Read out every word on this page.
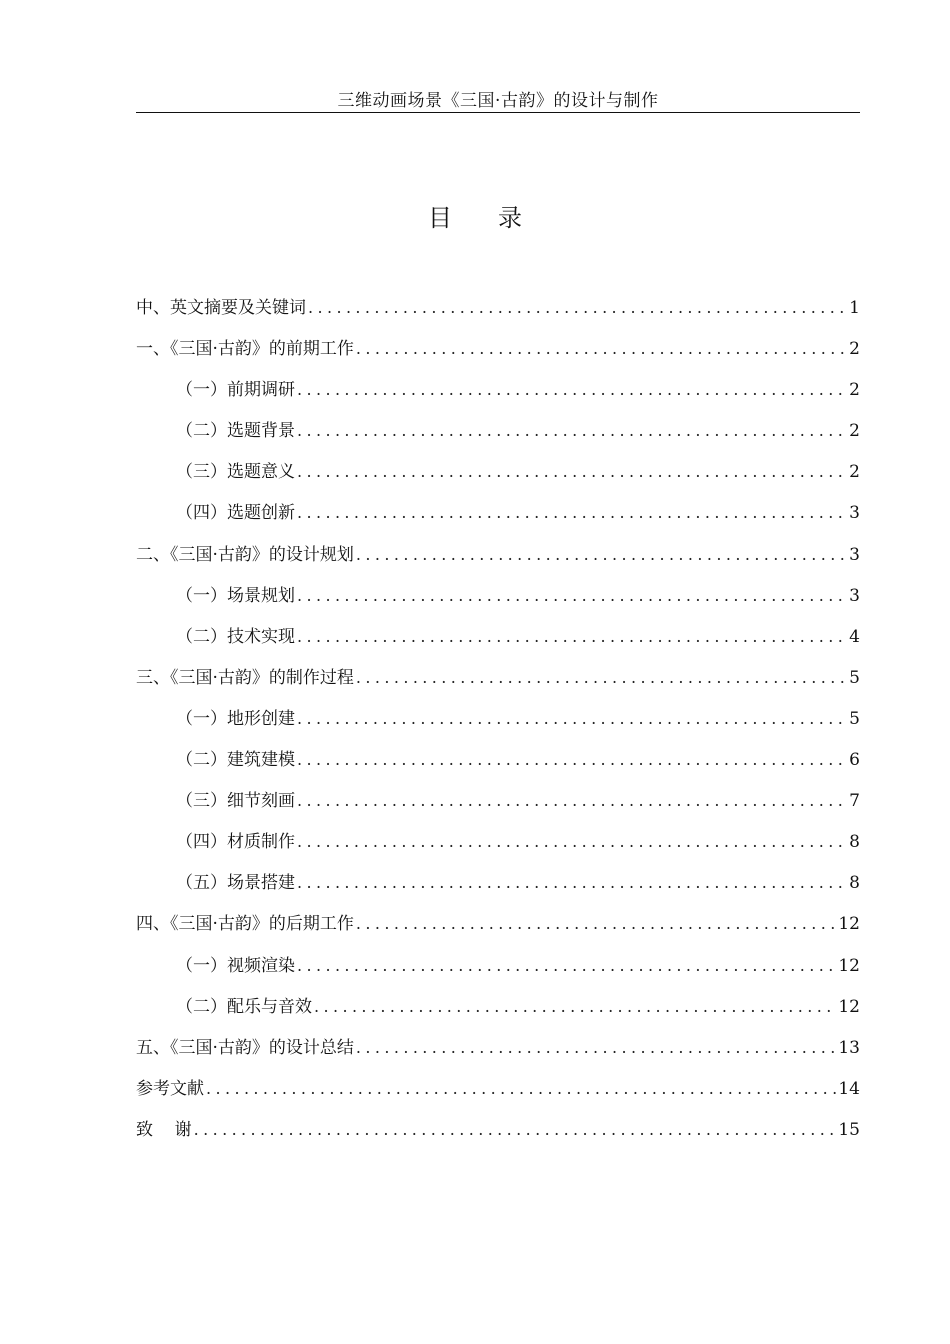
三维动画场景《三国·古韵》的设计与制作
目录
中、英文摘要及关键词 .....	1
一、《三国·古韵》的前期工作 .....	2
（一）前期调研 .....	2
（二）选题背景 .....	2
（三）选题意义 .....	2
（四）选题创新 .....	3
二、《三国·古韵》的设计规划 .....	3
（一）场景规划 .....	3
（二）技术实现 .....	4
三、《三国·古韵》的制作过程 .....	5
（一）地形创建 .....	5
（二）建筑建模 .....	6
（三）细节刻画 .....	7
（四）材质制作 .....	8
（五）场景搭建 .....	8
四、《三国·古韵》的后期工作 .....	12
（一）视频渲染 .....	12
（二）配乐与音效 .....	12
五、《三国·古韵》的设计总结 .....	13
参考文献 .....	14
致    谢 .....	15
